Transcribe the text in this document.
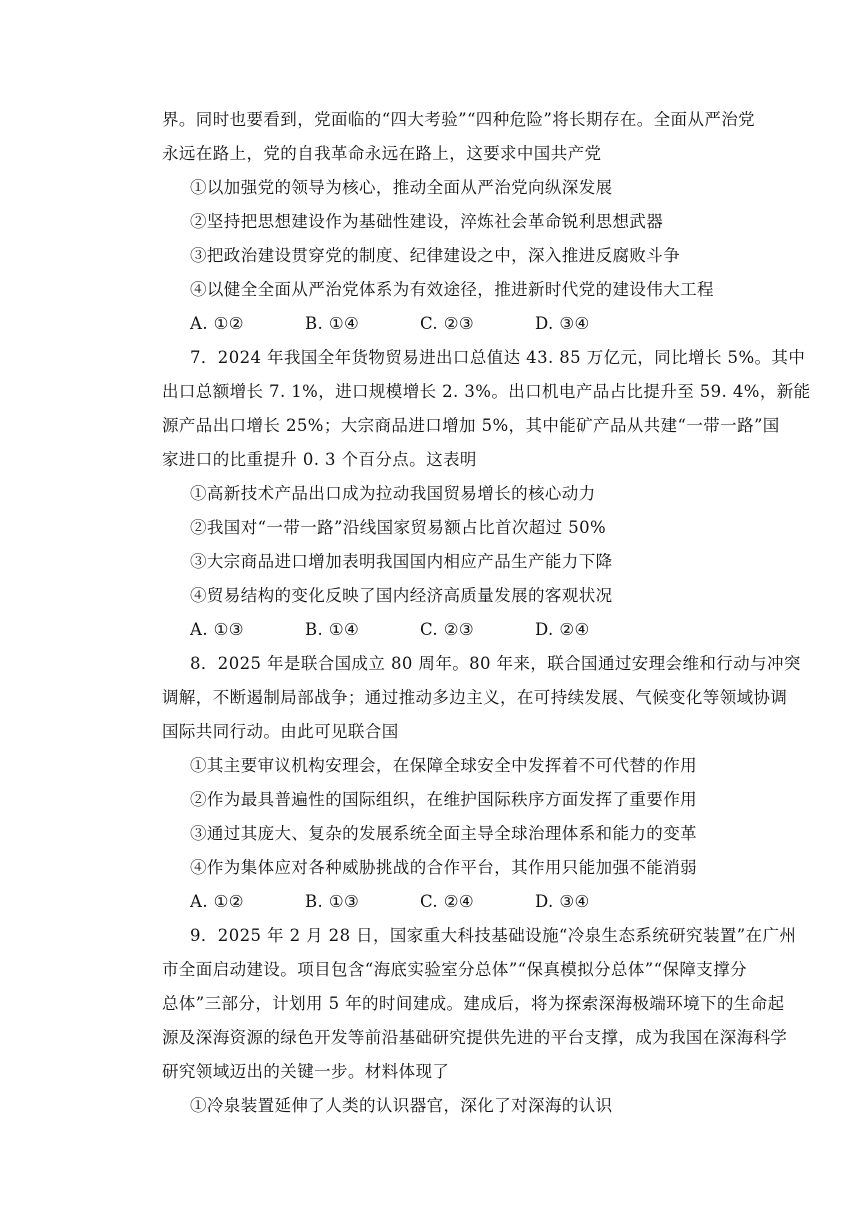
界。同时也要看到，党面临的“四大考验”“四种危险”将长期存在。全面从严治党
永远在路上，党的自我革命永远在路上，这要求中国共产党
①以加强党的领导为核心，推动全面从严治党向纵深发展
②坚持把思想建设作为基础性建设，淬炼社会革命锐利思想武器
③把政治建设贯穿党的制度、纪律建设之中，深入推进反腐败斗争
④以健全全面从严治党体系为有效途径，推进新时代党的建设伟大工程
A. ①②	B. ①④	C. ②③	D. ③④
7．2024 年我国全年货物贸易进出口总值达 43. 85 万亿元，同比增长 5%。其中
出口总额增长 7. 1%，进口规模增长 2. 3%。出口机电产品占比提升至 59. 4%，新能
源产品出口增长 25%；大宗商品进口增加 5%，其中能矿产品从共建“一带一路”国
家进口的比重提升 0. 3 个百分点。这表明
①高新技术产品出口成为拉动我国贸易增长的核心动力
②我国对“一带一路”沿线国家贸易额占比首次超过 50%
③大宗商品进口增加表明我国国内相应产品生产能力下降
④贸易结构的变化反映了国内经济高质量发展的客观状况
A. ①③	B. ①④	C. ②③	D. ②④
8．2025 年是联合国成立 80 周年。80 年来，联合国通过安理会维和行动与冲突
调解，不断遏制局部战争；通过推动多边主义，在可持续发展、气候变化等领域协调
国际共同行动。由此可见联合国
①其主要审议机构安理会，在保障全球安全中发挥着不可代替的作用
②作为最具普遍性的国际组织，在维护国际秩序方面发挥了重要作用
③通过其庞大、复杂的发展系统全面主导全球治理体系和能力的变革
④作为集体应对各种威胁挑战的合作平台，其作用只能加强不能消弱
A. ①②	B. ①③	C. ②④	D. ③④
9．2025 年 2 月 28 日，国家重大科技基础设施“冷泉生态系统研究装置”在广州
市全面启动建设。项目包含“海底实验室分总体”“保真模拟分总体”“保障支撑分
总体”三部分，计划用 5 年的时间建成。建成后，将为探索深海极端环境下的生命起
源及深海资源的绿色开发等前沿基础研究提供先进的平台支撑，成为我国在深海科学
研究领域迈出的关键一步。材料体现了
①冷泉装置延伸了人类的认识器官，深化了对深海的认识
